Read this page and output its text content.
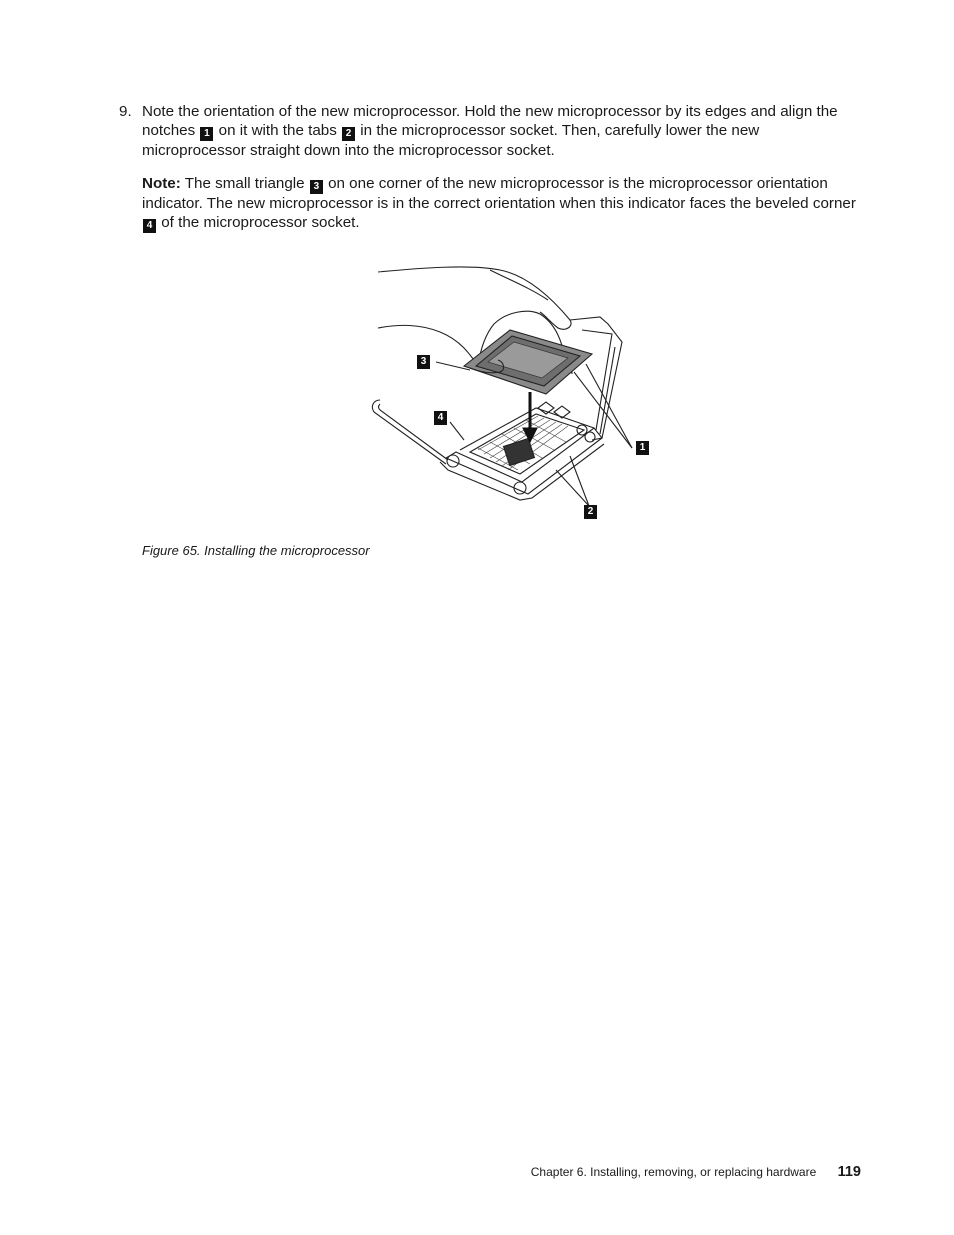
9. Note the orientation of the new microprocessor. Hold the new microprocessor by its edges and align the notches 1 on it with the tabs 2 in the microprocessor socket. Then, carefully lower the new microprocessor straight down into the microprocessor socket.
Note: The small triangle 3 on one corner of the new microprocessor is the microprocessor orientation indicator. The new microprocessor is in the correct orientation when this indicator faces the beveled corner 4 of the microprocessor socket.
3
4
1
2
Figure 65. Installing the microprocessor
Chapter 6. Installing, removing, or replacing hardware 119
